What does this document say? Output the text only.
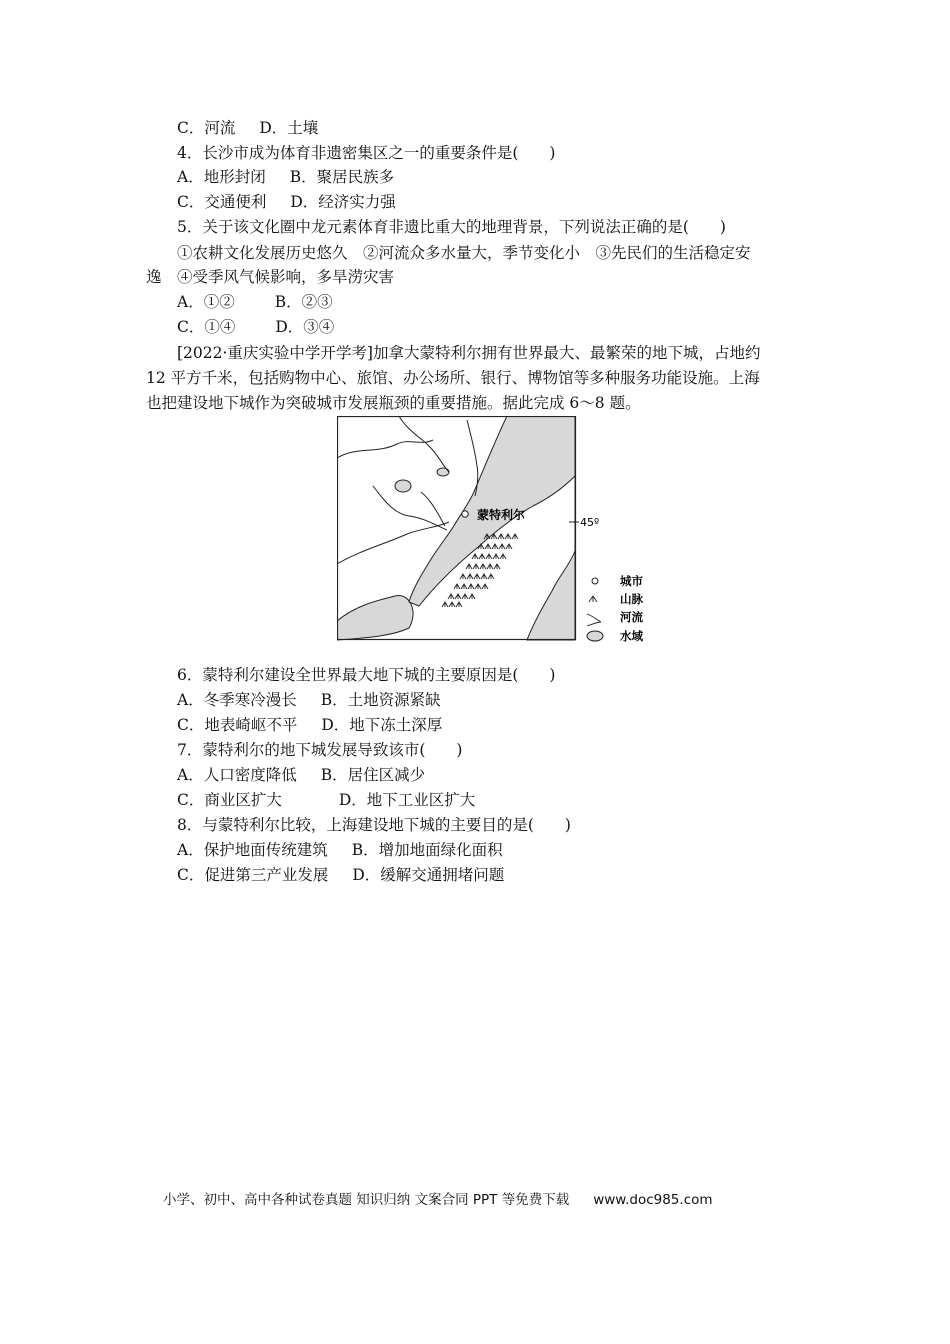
C．河流 D．土壤
4．长沙市成为体育非遗密集区之一的重要条件是(　　)
A．地形封闭 B．聚居民族多
C．交通便利 D．经济实力强
5．关于该文化圈中龙元素体育非遗比重大的地理背景，下列说法正确的是(　　)
①农耕文化发展历史悠久　②河流众多水量大，季节变化小　③先民们的生活稳定安
逸　④受季风气候影响，多旱涝灾害
A．①②	B．②③
C．①④	D．③④
[2022·重庆实验中学开学考]加拿大蒙特利尔拥有世界最大、最繁荣的地下城，占地约
12 平方千米，包括购物中心、旅馆、办公场所、银行、博物馆等多种服务功能设施。上海
也把建设地下城作为突破城市发展瓶颈的重要措施。据此完成 6～8 题。
蒙特利尔
45º
城市
山脉
河流
水域
6．蒙特利尔建设全世界最大地下城的主要原因是(　　)
A．冬季寒冷漫长 B．土地资源紧缺
C．地表崎岖不平 D．地下冻土深厚
7．蒙特利尔的地下城发展导致该市(　　)
A．人口密度降低 B．居住区减少
C．商业区扩大	D．地下工业区扩大
8．与蒙特利尔比较，上海建设地下城的主要目的是(　　)
A．保护地面传统建筑 B．增加地面绿化面积
C．促进第三产业发展 D．缓解交通拥堵问题
小学、初中、高中各种试卷真题 知识归纳 文案合同 PPT 等免费下载 www.doc985.com
